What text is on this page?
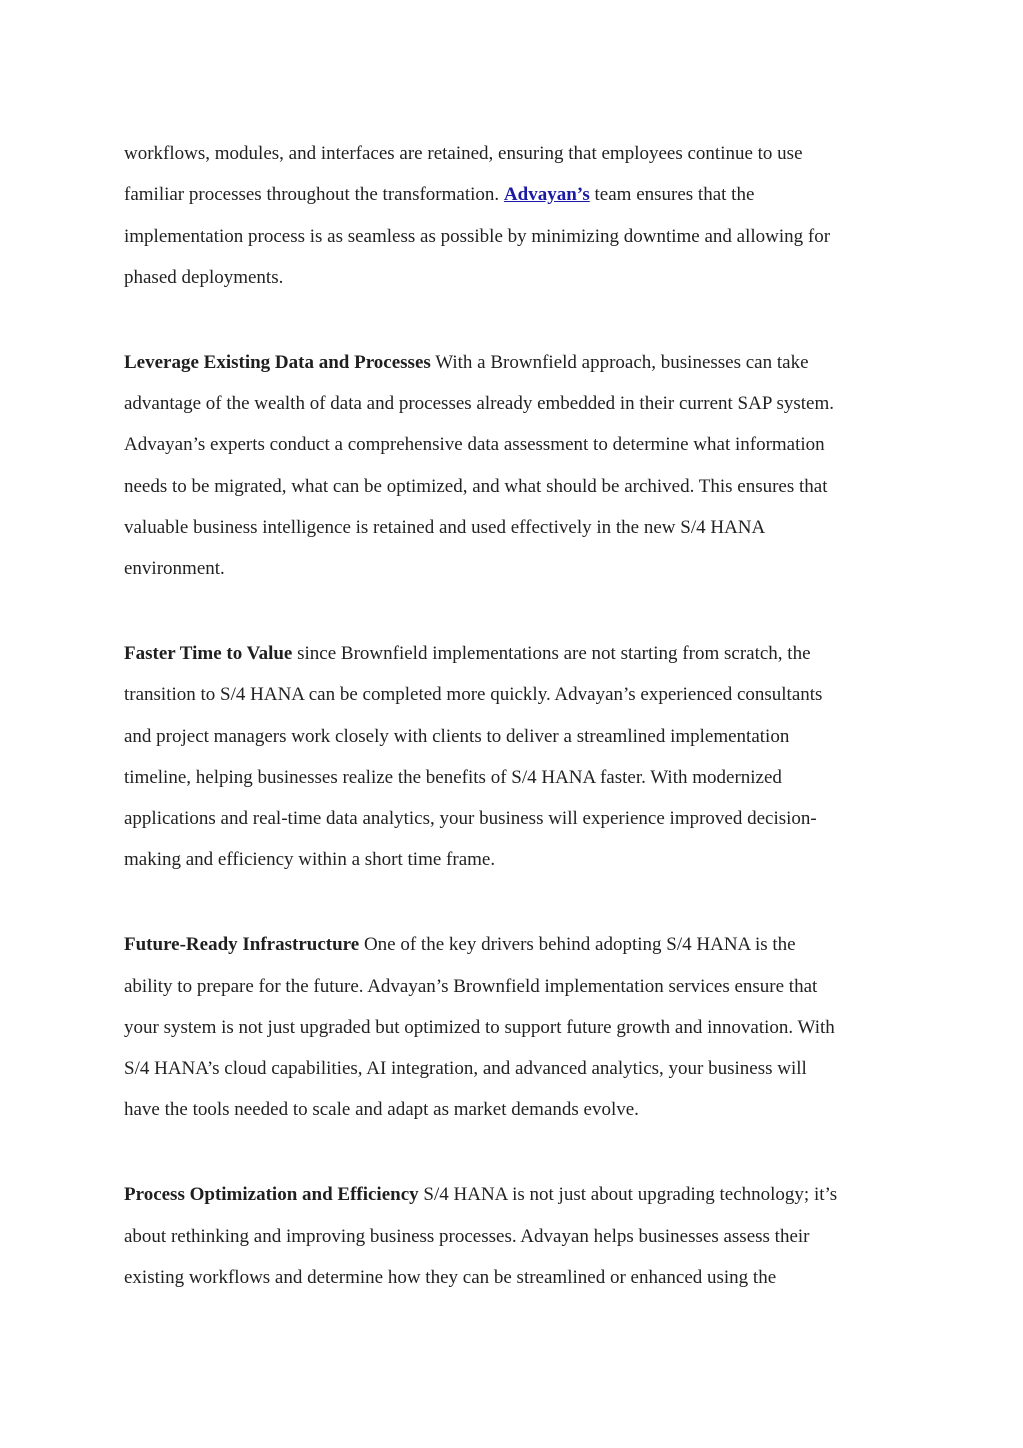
workflows, modules, and interfaces are retained, ensuring that employees continue to use
familiar processes throughout the transformation. Advayan’s team ensures that the
implementation process is as seamless as possible by minimizing downtime and allowing for
phased deployments.

Leverage Existing Data and Processes With a Brownfield approach, businesses can take
advantage of the wealth of data and processes already embedded in their current SAP system.
Advayan’s experts conduct a comprehensive data assessment to determine what information
needs to be migrated, what can be optimized, and what should be archived. This ensures that
valuable business intelligence is retained and used effectively in the new S/4 HANA
environment.

Faster Time to Value since Brownfield implementations are not starting from scratch, the
transition to S/4 HANA can be completed more quickly. Advayan’s experienced consultants
and project managers work closely with clients to deliver a streamlined implementation
timeline, helping businesses realize the benefits of S/4 HANA faster. With modernized
applications and real-time data analytics, your business will experience improved decision-
making and efficiency within a short time frame.

Future-Ready Infrastructure One of the key drivers behind adopting S/4 HANA is the
ability to prepare for the future. Advayan’s Brownfield implementation services ensure that
your system is not just upgraded but optimized to support future growth and innovation. With
S/4 HANA’s cloud capabilities, AI integration, and advanced analytics, your business will
have the tools needed to scale and adapt as market demands evolve.

Process Optimization and Efficiency S/4 HANA is not just about upgrading technology; it’s
about rethinking and improving business processes. Advayan helps businesses assess their
existing workflows and determine how they can be streamlined or enhanced using the
